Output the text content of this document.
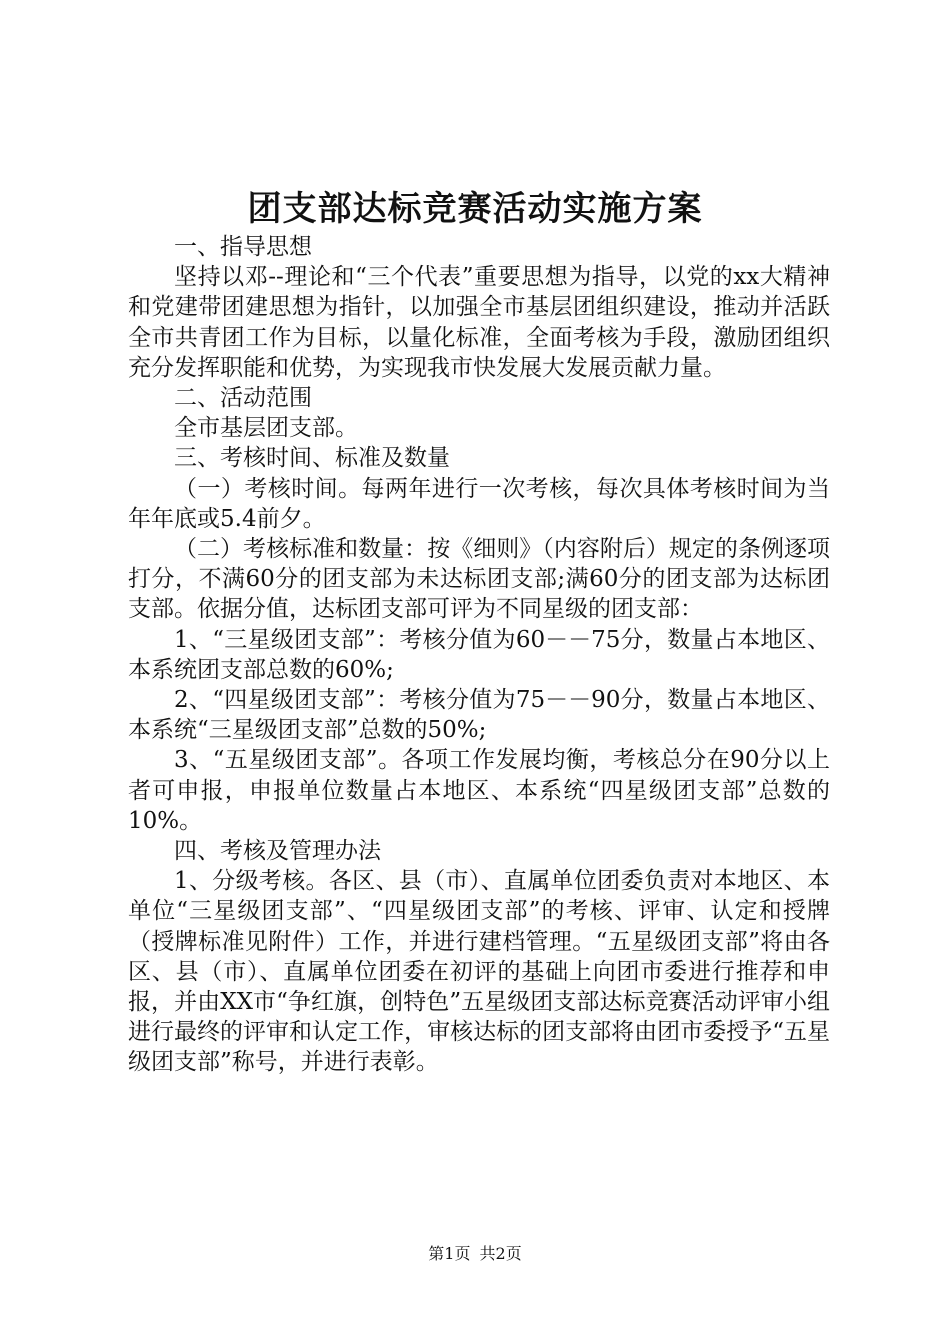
团支部达标竞赛活动实施方案

一、指导思想

坚持以邓--理论和“三个代表”重要思想为指导，以党的xx大精神和党建带团建思想为指针，以加强全市基层团组织建设，推动并活跃全市共青团工作为目标，以量化标准，全面考核为手段，激励团组织充分发挥职能和优势，为实现我市快发展大发展贡献力量。

二、活动范围

全市基层团支部。

三、考核时间、标准及数量

（一）考核时间。每两年进行一次考核，每次具体考核时间为当年年底或5.4前夕。

（二）考核标准和数量：按《细则》（内容附后）规定的条例逐项打分，不满60分的团支部为未达标团支部;满60分的团支部为达标团支部。依据分值，达标团支部可评为不同星级的团支部：

1、“三星级团支部”：考核分值为60－－75分，数量占本地区、本系统团支部总数的60%;

2、“四星级团支部”：考核分值为75－－90分，数量占本地区、本系统“三星级团支部”总数的50%;

3、“五星级团支部”。各项工作发展均衡，考核总分在90分以上者可申报，申报单位数量占本地区、本系统“四星级团支部”总数的10%。

四、考核及管理办法

1、分级考核。各区、县（市）、直属单位团委负责对本地区、本单位“三星级团支部”、“四星级团支部”的考核、评审、认定和授牌（授牌标准见附件）工作，并进行建档管理。“五星级团支部”将由各区、县（市）、直属单位团委在初评的基础上向团市委进行推荐和申报，并由XX市“争红旗，创特色”五星级团支部达标竞赛活动评审小组进行最终的评审和认定工作，审核达标的团支部将由团市委授予“五星级团支部”称号，并进行表彰。

第1页 共2页
